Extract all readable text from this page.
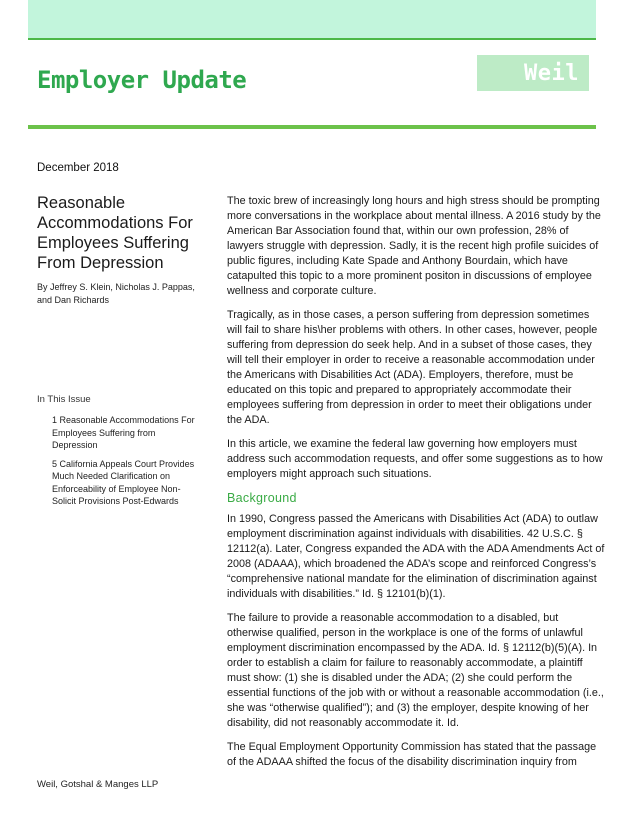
Employer Update	Weil
December 2018
Reasonable Accommodations For Employees Suffering From Depression

By Jeffrey S. Klein, Nicholas J. Pappas, and Dan Richards

In This Issue
1 Reasonable Accommodations For Employees Suffering from Depression
5 California Appeals Court Provides Much Needed Clarification on Enforceability of Employee Non-Solicit Provisions Post-Edwards

The toxic brew of increasingly long hours and high stress should be prompting more conversations in the workplace about mental illness. A 2016 study by the American Bar Association found that, within our own profession, 28% of lawyers struggle with depression. Sadly, it is the recent high profile suicides of public figures, including Kate Spade and Anthony Bourdain, which have catapulted this topic to a more prominent positon in discussions of employee wellness and corporate culture.

Tragically, as in those cases, a person suffering from depression sometimes will fail to share his\her problems with others. In other cases, however, people suffering from depression do seek help. And in a subset of those cases, they will tell their employer in order to receive a reasonable accommodation under the Americans with Disabilities Act (ADA). Employers, therefore, must be educated on this topic and prepared to appropriately accommodate their employees suffering from depression in order to meet their obligations under the ADA.

In this article, we examine the federal law governing how employers must address such accommodation requests, and offer some suggestions as to how employers might approach such situations.

Background

In 1990, Congress passed the Americans with Disabilities Act (ADA) to outlaw employment discrimination against individuals with disabilities. 42 U.S.C. § 12112(a). Later, Congress expanded the ADA with the ADA Amendments Act of 2008 (ADAAA), which broadened the ADA’s scope and reinforced Congress’s “comprehensive national mandate for the elimination of discrimination against individuals with disabilities.” Id. § 12101(b)(1).

The failure to provide a reasonable accommodation to a disabled, but otherwise qualified, person in the workplace is one of the forms of unlawful employment discrimination encompassed by the ADA. Id. § 12112(b)(5)(A). In order to establish a claim for failure to reasonably accommodate, a plaintiff must show: (1) she is disabled under the ADA; (2) she could perform the essential functions of the job with or without a reasonable accommodation (i.e., she was “otherwise qualified”); and (3) the employer, despite knowing of her disability, did not reasonably accommodate it. Id.

The Equal Employment Opportunity Commission has stated that the passage of the ADAAA shifted the focus of the disability discrimination inquiry from

Weil, Gotshal & Manges LLP
